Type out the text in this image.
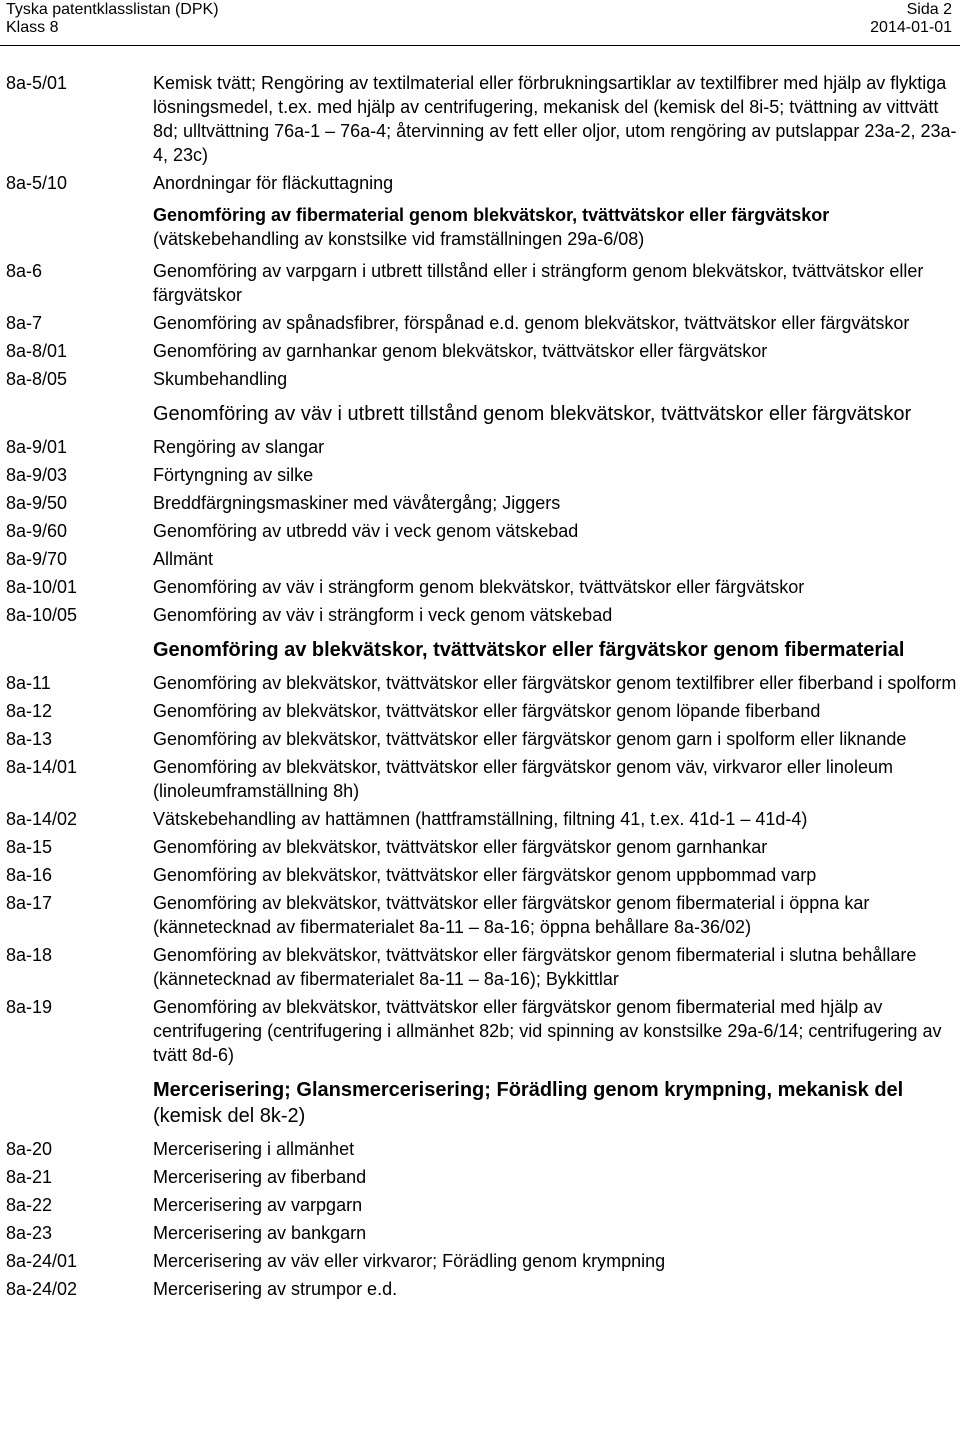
Tyska patentklasslistan (DPK)	Sida 2
Klass 8	2014-01-01
8a-5/01	Kemisk tvätt; Rengöring av textilmaterial eller förbrukningsartiklar av textilfibrer med hjälp av flyktiga lösningsmedel, t.ex. med hjälp av centrifugering, mekanisk del (kemisk del 8i-5; tvättning av vittvätt 8d; ulltvättning 76a-1 – 76a-4; återvinning av fett eller oljor, utom rengöring av putslappar 23a-2, 23a-4, 23c)
8a-5/10	Anordningar för fläckuttagning
Genomföring av fibermaterial genom blekvätskor, tvättvätskor eller färgvätskor (vätskebehandling av konstsilke vid framställningen 29a-6/08)
8a-6	Genomföring av varpgarn i utbrett tillstånd eller i strängform genom blekvätskor, tvättvätskor eller färgvätskor
8a-7	Genomföring av spånadsfibrer, förspånad e.d. genom blekvätskor, tvättvätskor eller färgvätskor
8a-8/01	Genomföring av garnhankar genom blekvätskor, tvättvätskor eller färgvätskor
8a-8/05	Skumbehandling
Genomföring av väv i utbrett tillstånd genom blekvätskor, tvättvätskor eller färgvätskor
8a-9/01	Rengöring av slangar
8a-9/03	Förtyngning av silke
8a-9/50	Breddfärgningsmaskiner med vävåtergång; Jiggers
8a-9/60	Genomföring av utbredd väv i veck genom vätskebad
8a-9/70	Allmänt
8a-10/01	Genomföring av väv i strängform genom blekvätskor, tvättvätskor eller färgvätskor
8a-10/05	Genomföring av väv i strängform i veck genom vätskebad
Genomföring av blekvätskor, tvättvätskor eller färgvätskor genom fibermaterial
8a-11	Genomföring av blekvätskor, tvättvätskor eller färgvätskor genom textilfibrer eller fiberband i spolform
8a-12	Genomföring av blekvätskor, tvättvätskor eller färgvätskor genom löpande fiberband
8a-13	Genomföring av blekvätskor, tvättvätskor eller färgvätskor genom garn i spolform eller liknande
8a-14/01	Genomföring av blekvätskor, tvättvätskor eller färgvätskor genom väv, virkvaror eller linoleum (linoleumframställning 8h)
8a-14/02	Vätskebehandling av hattämnen (hattframställning, filtning 41, t.ex. 41d-1 – 41d-4)
8a-15	Genomföring av blekvätskor, tvättvätskor eller färgvätskor genom garnhankar
8a-16	Genomföring av blekvätskor, tvättvätskor eller färgvätskor genom uppbommad varp
8a-17	Genomföring av blekvätskor, tvättvätskor eller färgvätskor genom fibermaterial i öppna kar (kännetecknad av fibermaterialet 8a-11 – 8a-16; öppna behållare 8a-36/02)
8a-18	Genomföring av blekvätskor, tvättvätskor eller färgvätskor genom fibermaterial i slutna behållare (kännetecknad av fibermaterialet 8a-11 – 8a-16); Bykkittlar
8a-19	Genomföring av blekvätskor, tvättvätskor eller färgvätskor genom fibermaterial med hjälp av centrifugering (centrifugering i allmänhet 82b; vid spinning av konstsilke 29a-6/14; centrifugering av tvätt 8d-6)
Mercerisering; Glansmercerisering; Förädling genom krympning, mekanisk del (kemisk del 8k-2)
8a-20	Mercerisering i allmänhet
8a-21	Mercerisering av fiberband
8a-22	Mercerisering av varpgarn
8a-23	Mercerisering av bankgarn
8a-24/01	Mercerisering av väv eller virkvaror; Förädling genom krympning
8a-24/02	Mercerisering av strumpor e.d.
